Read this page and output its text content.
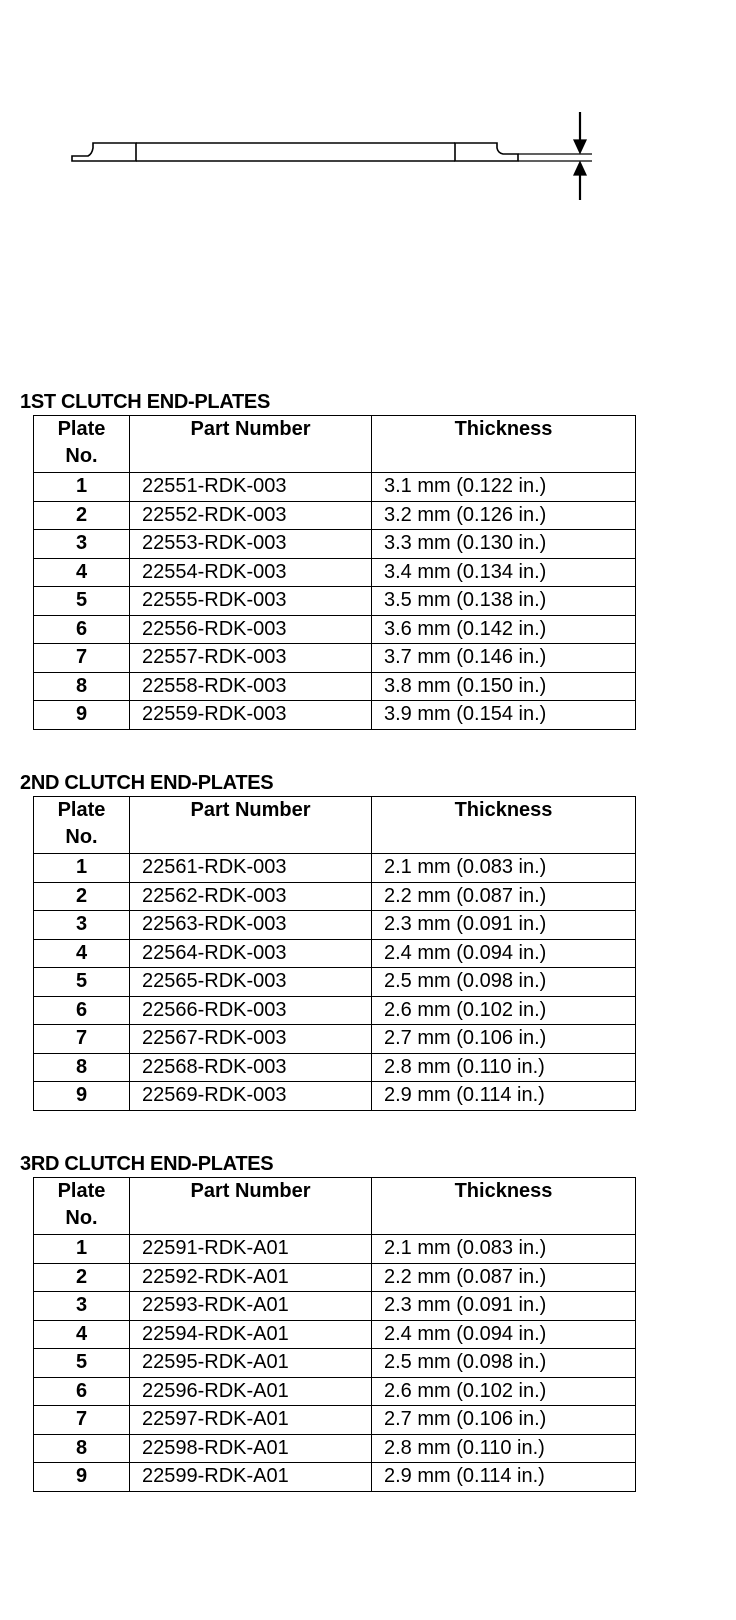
1ST CLUTCH END-PLATES
Plate No.	Part Number	Thickness
1	22551-RDK-003	3.1 mm (0.122 in.)
2	22552-RDK-003	3.2 mm (0.126 in.)
3	22553-RDK-003	3.3 mm (0.130 in.)
4	22554-RDK-003	3.4 mm (0.134 in.)
5	22555-RDK-003	3.5 mm (0.138 in.)
6	22556-RDK-003	3.6 mm (0.142 in.)
7	22557-RDK-003	3.7 mm (0.146 in.)
8	22558-RDK-003	3.8 mm (0.150 in.)
9	22559-RDK-003	3.9 mm (0.154 in.)
2ND CLUTCH END-PLATES
Plate No.	Part Number	Thickness
1	22561-RDK-003	2.1 mm (0.083 in.)
2	22562-RDK-003	2.2 mm (0.087 in.)
3	22563-RDK-003	2.3 mm (0.091 in.)
4	22564-RDK-003	2.4 mm (0.094 in.)
5	22565-RDK-003	2.5 mm (0.098 in.)
6	22566-RDK-003	2.6 mm (0.102 in.)
7	22567-RDK-003	2.7 mm (0.106 in.)
8	22568-RDK-003	2.8 mm (0.110 in.)
9	22569-RDK-003	2.9 mm (0.114 in.)
3RD CLUTCH END-PLATES
Plate No.	Part Number	Thickness
1	22591-RDK-A01	2.1 mm (0.083 in.)
2	22592-RDK-A01	2.2 mm (0.087 in.)
3	22593-RDK-A01	2.3 mm (0.091 in.)
4	22594-RDK-A01	2.4 mm (0.094 in.)
5	22595-RDK-A01	2.5 mm (0.098 in.)
6	22596-RDK-A01	2.6 mm (0.102 in.)
7	22597-RDK-A01	2.7 mm (0.106 in.)
8	22598-RDK-A01	2.8 mm (0.110 in.)
9	22599-RDK-A01	2.9 mm (0.114 in.)
